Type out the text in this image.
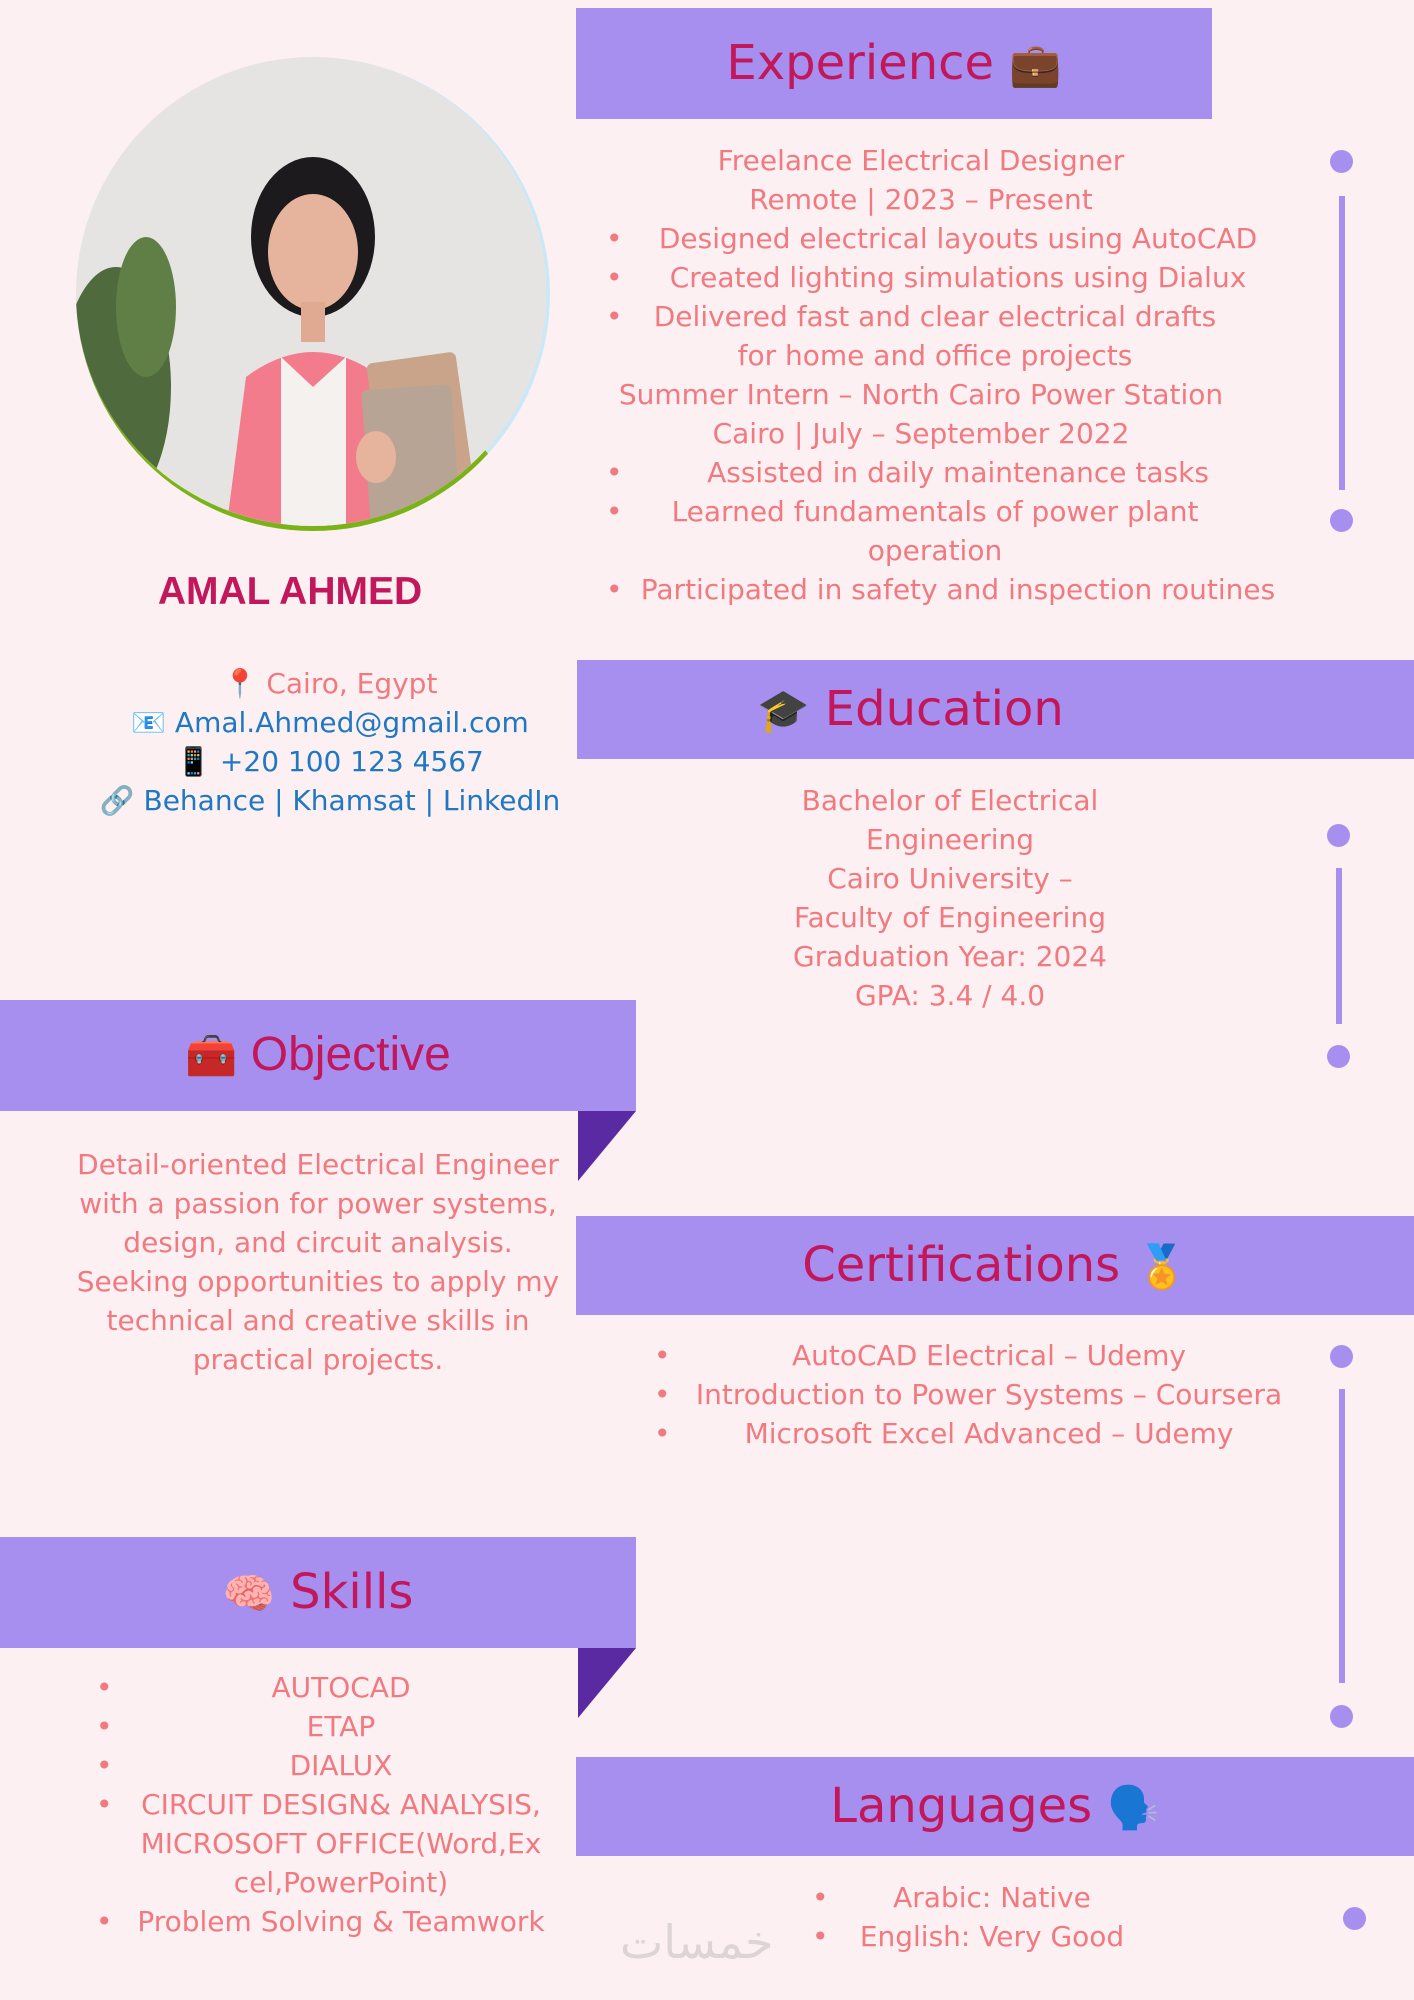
AMAL AHMED
📍 Cairo, Egypt
📧 Amal.Ahmed@gmail.com
📱 +20 100 123 4567
🔗 Behance | Khamsat | LinkedIn
🧰 Objective
Detail-oriented Electrical Engineer with a passion for power systems, design, and circuit analysis. Seeking opportunities to apply my technical and creative skills in practical projects.
🧠 Skills
• AUTOCAD
• ETAP
• DIALUX
• CIRCUIT DESIGN& ANALYSIS,MICROSOFT OFFICE(Word,Excel,PowerPoint)
• Problem Solving & Teamwork
Experience 💼
Freelance Electrical Designer
Remote | 2023 – Present
• Designed electrical layouts using AutoCAD
• Created lighting simulations using Dialux
• Delivered fast and clear electrical drafts for home and office projects
Summer Intern – North Cairo Power Station
Cairo | July – September 2022
• Assisted in daily maintenance tasks
• Learned fundamentals of power plant operation
• Participated in safety and inspection routines
🎓 Education
Bachelor of Electrical Engineering
Cairo University – Faculty of Engineering
Graduation Year: 2024
GPA: 3.4 / 4.0
Certifications 🏅
• AutoCAD Electrical – Udemy
• Introduction to Power Systems – Coursera
• Microsoft Excel Advanced – Udemy
Languages 🗣️
• Arabic: Native
• English: Very Good
خمسات
